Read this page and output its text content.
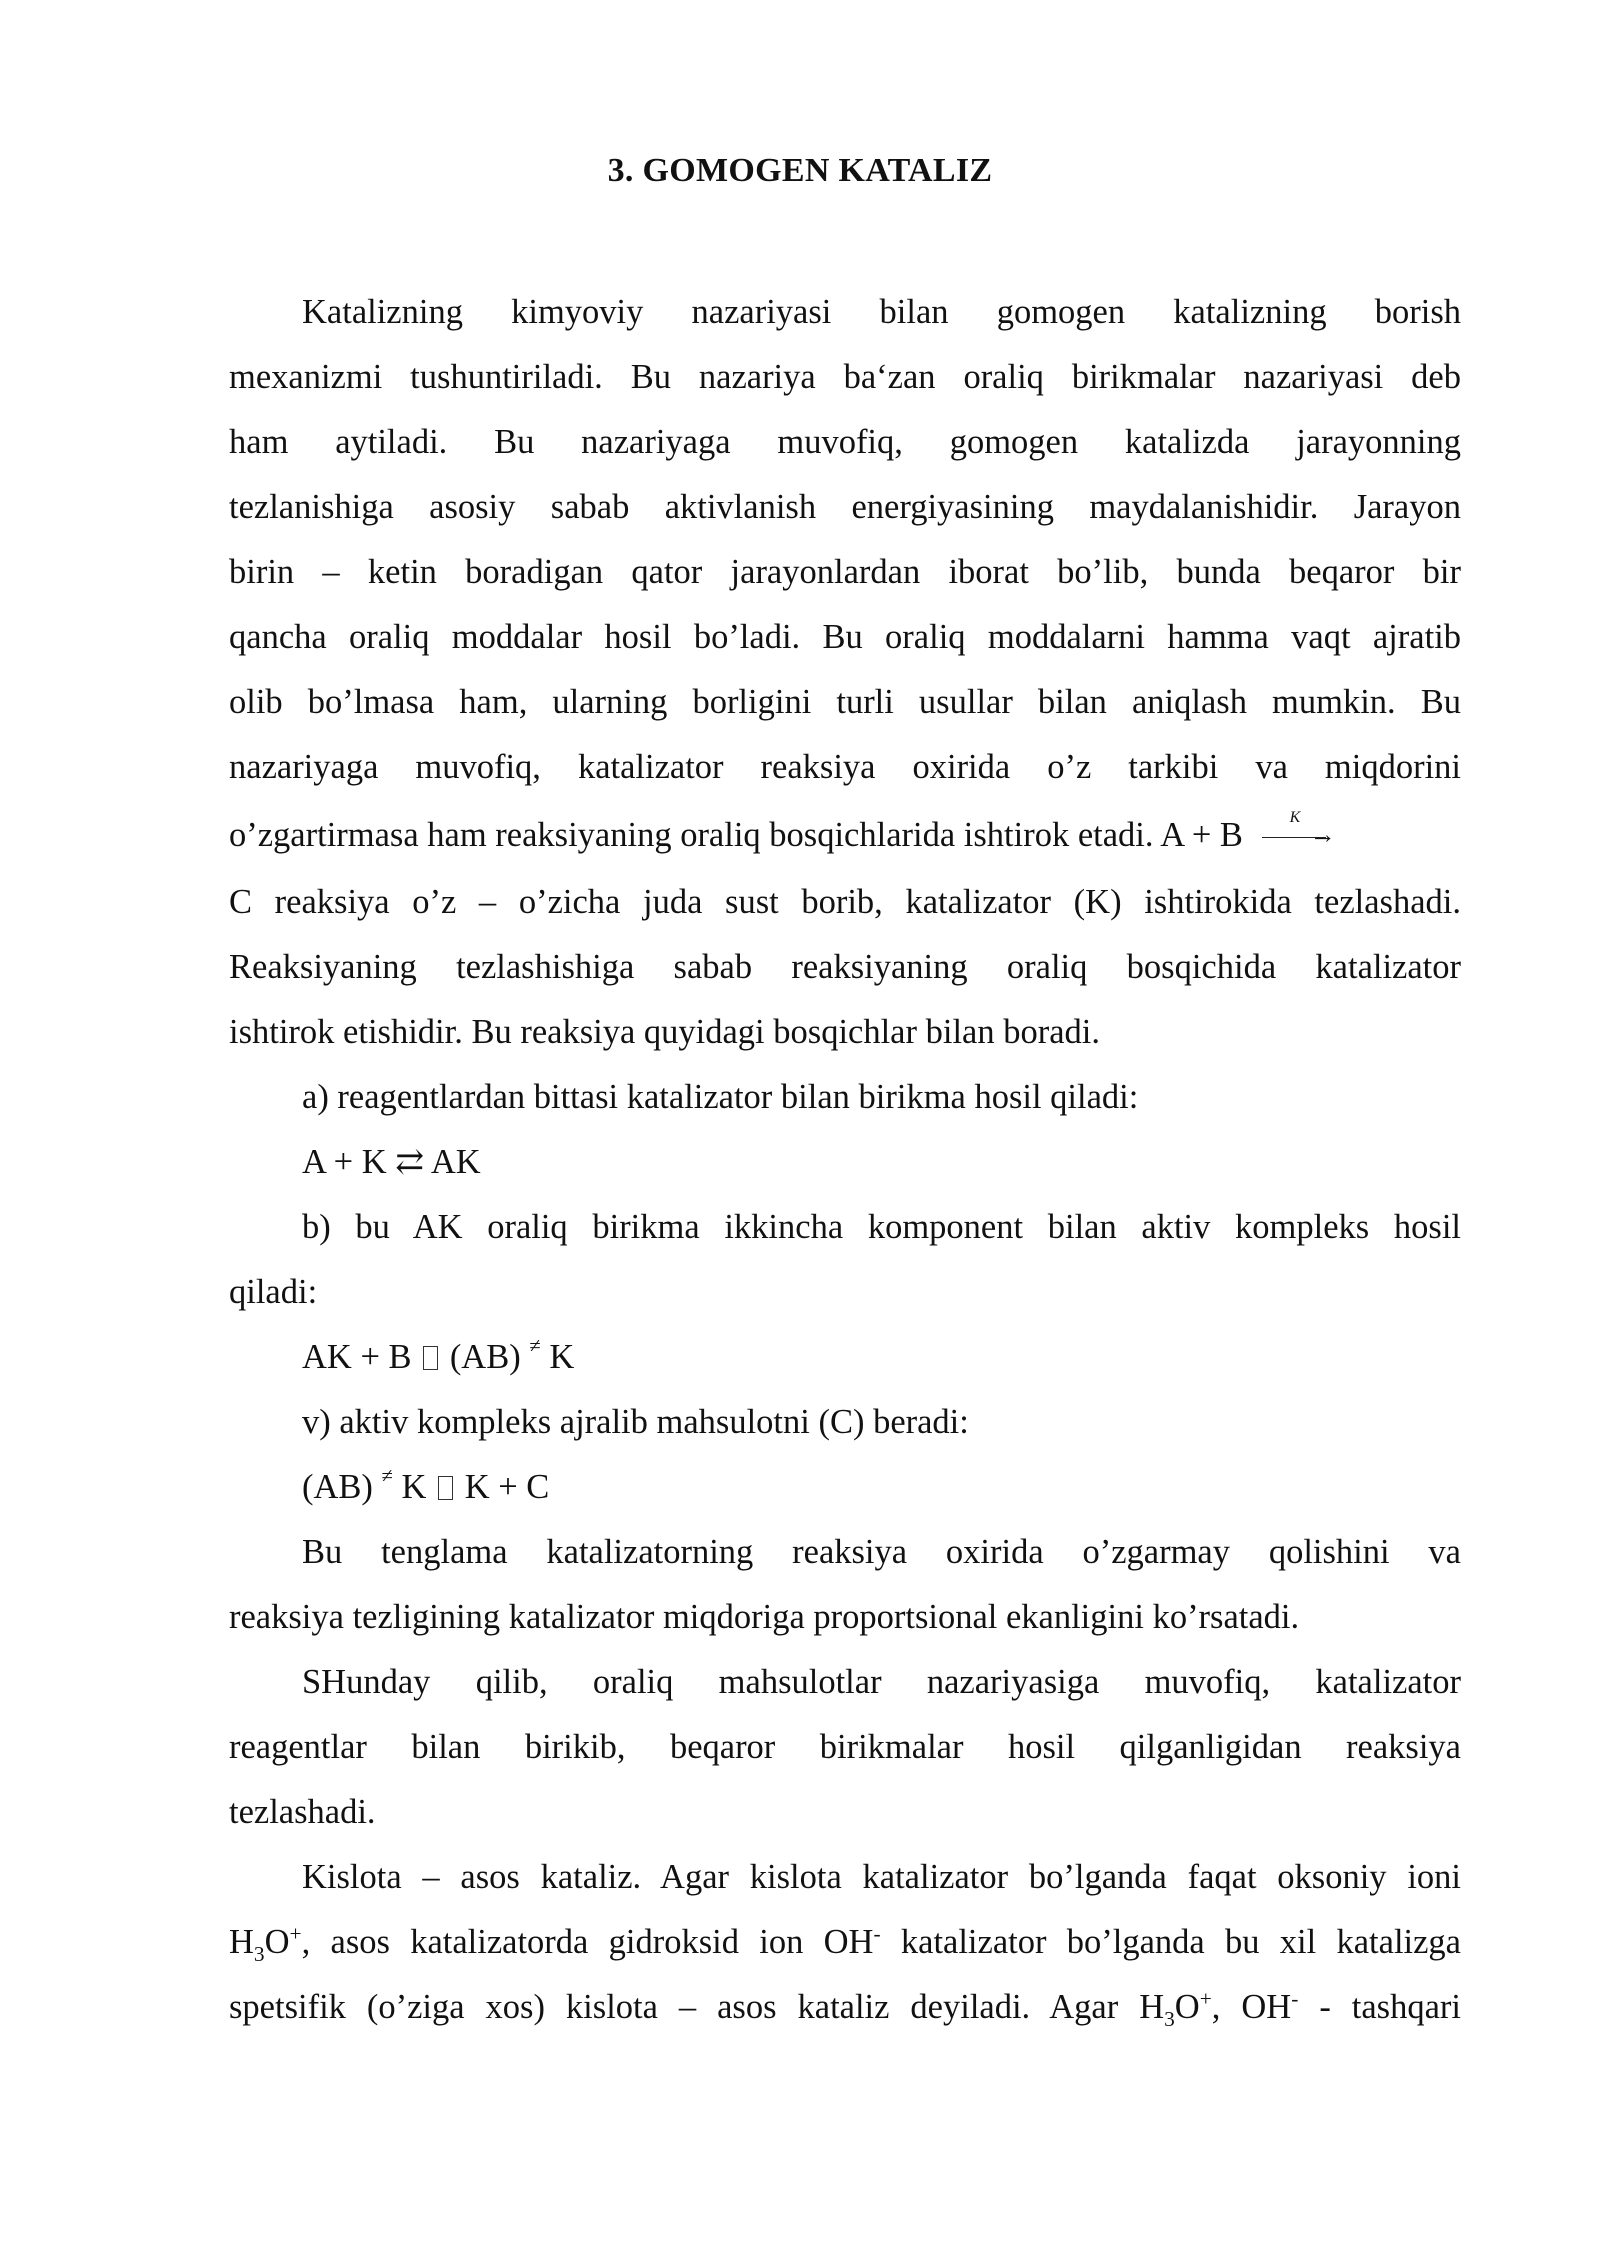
3. GOMOGEN KATALIZ

Katalizning kimyoviy nazariyasi bilan gomogen katalizning borish

mexanizmi tushuntiriladi. Bu nazariya ba‘zan oraliq birikmalar nazariyasi deb

ham aytiladi. Bu nazariyaga muvofiq, gomogen katalizda jarayonning

tezlanishiga asosiy sabab aktivlanish energiyasining maydalanishidir. Jarayon

birin – ketin boradigan qator jarayonlardan iborat bo’lib, bunda beqaror bir

qancha oraliq moddalar hosil bo’ladi. Bu oraliq moddalarni hamma vaqt ajratib

olib bo’lmasa ham, ularning borligini turli usullar bilan aniqlash mumkin. Bu

nazariyaga muvofiq, katalizator reaksiya oxirida o’z tarkibi va miqdorini

o’zgartirmasa ham reaksiyaning oraliq bosqichlarida ishtirok etadi. A + B	K
→

C reaksiya o’z – o’zicha juda sust borib, katalizator (K) ishtirokida tezlashadi.

Reaksiyaning tezlashishiga sabab reaksiyaning oraliq bosqichida katalizator

ishtirok etishidir. Bu reaksiya quyidagi bosqichlar bilan boradi.

a) reagentlardan bittasi katalizator bilan birikma hosil qiladi:

A + K ⇄ AK

b) bu AK oraliq birikma ikkincha komponent bilan aktiv kompleks hosil

qiladi:

AK + B (AB) ≠ K

v) aktiv kompleks ajralib mahsulotni (C) beradi:

(AB) ≠ K K + C

Bu tenglama katalizatorning reaksiya oxirida o’zgarmay qolishini va

reaksiya tezligining katalizator miqdoriga proportsional ekanligini ko’rsatadi.

SHunday qilib, oraliq mahsulotlar nazariyasiga muvofiq, katalizator

reagentlar bilan birikib, beqaror birikmalar hosil qilganligidan reaksiya

tezlashadi.

Kislota – asos kataliz. Agar kislota katalizator bo’lganda faqat oksoniy ioni

$H_3O^+$, asos katalizatorda gidroksid ion OH- katalizator bo’lganda bu xil katalizga

spetsifik (o’ziga xos) kislota – asos kataliz deyiladi. Agar $H_3O^+$, OH- - tashqari
